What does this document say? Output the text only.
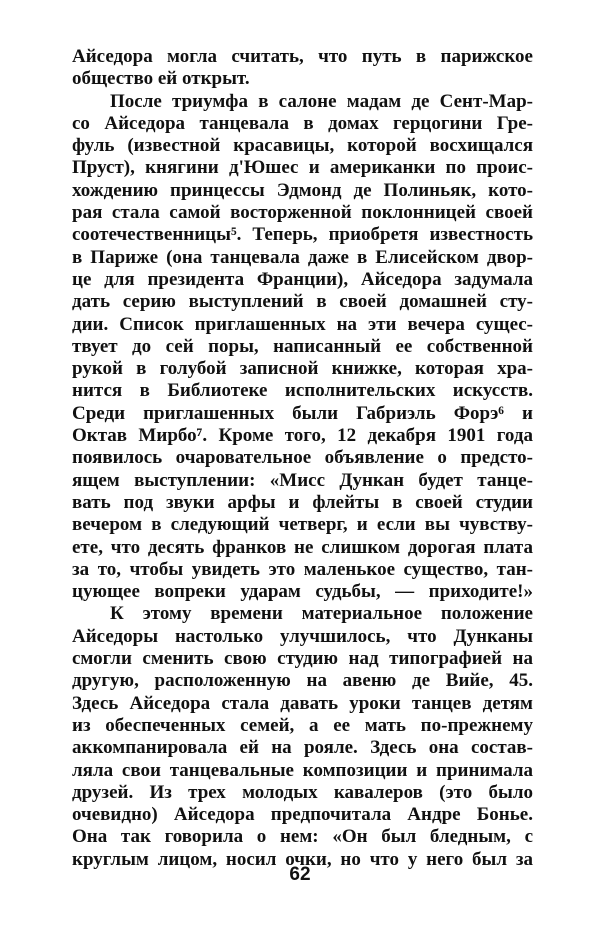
Айседора могла считать, что путь в парижское
общество ей открыт.
После триумфа в салоне мадам де Сент-Мар-
со Айседора танцевала в домах герцогини Гре-
фуль (известной красавицы, которой восхищался
Пруст), княгини д'Юшес и американки по проис-
хождению принцессы Эдмонд де Полиньяк, кото-
рая стала самой восторженной поклонницей своей
соотечественницы⁵. Теперь, приобретя известность
в Париже (она танцевала даже в Елисейском двор-
це для президента Франции), Айседора задумала
дать серию выступлений в своей домашней сту-
дии. Список приглашенных на эти вечера сущес-
твует до сей поры, написанный ее собственной
рукой в голубой записной книжке, которая хра-
нится в Библиотеке исполнительских искусств.
Среди приглашенных были Габриэль Форэ⁶ и
Октав Мирбо⁷. Кроме того, 12 декабря 1901 года
появилось очаровательное объявление о предсто-
ящем выступлении: «Мисс Дункан будет танце-
вать под звуки арфы и флейты в своей студии
вечером в следующий четверг, и если вы чувству-
ете, что десять франков не слишком дорогая плата
за то, чтобы увидеть это маленькое существо, тан-
цующее вопреки ударам судьбы, — приходите!»
К этому времени материальное положение
Айседоры настолько улучшилось, что Дунканы
смогли сменить свою студию над типографией на
другую, расположенную на авеню де Вийе, 45.
Здесь Айседора стала давать уроки танцев детям
из обеспеченных семей, а ее мать по-прежнему
аккомпанировала ей на рояле. Здесь она состав-
ляла свои танцевальные композиции и принимала
друзей. Из трех молодых кавалеров (это было
очевидно) Айседора предпочитала Андре Бонье.
Она так говорила о нем: «Он был бледным, с
круглым лицом, носил очки, но что у него был за
62
